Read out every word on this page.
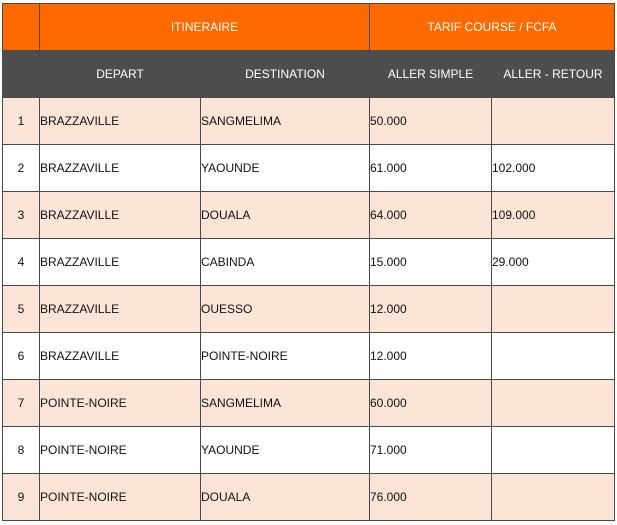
	ITINERAIRE		TARIF COURSE / FCFA	
	DEPART	DESTINATION	ALLER SIMPLE	ALLER - RETOUR
1	BRAZZAVILLE	SANGMELIMA	50.000	
2	BRAZZAVILLE	YAOUNDE	61.000	102.000
3	BRAZZAVILLE	DOUALA	64.000	109.000
4	BRAZZAVILLE	CABINDA	15.000	29.000
5	BRAZZAVILLE	OUESSO	12.000	
6	BRAZZAVILLE	POINTE-NOIRE	12.000	
7	POINTE-NOIRE	SANGMELIMA	60.000	
8	POINTE-NOIRE	YAOUNDE	71.000	
9	POINTE-NOIRE	DOUALA	76.000	
